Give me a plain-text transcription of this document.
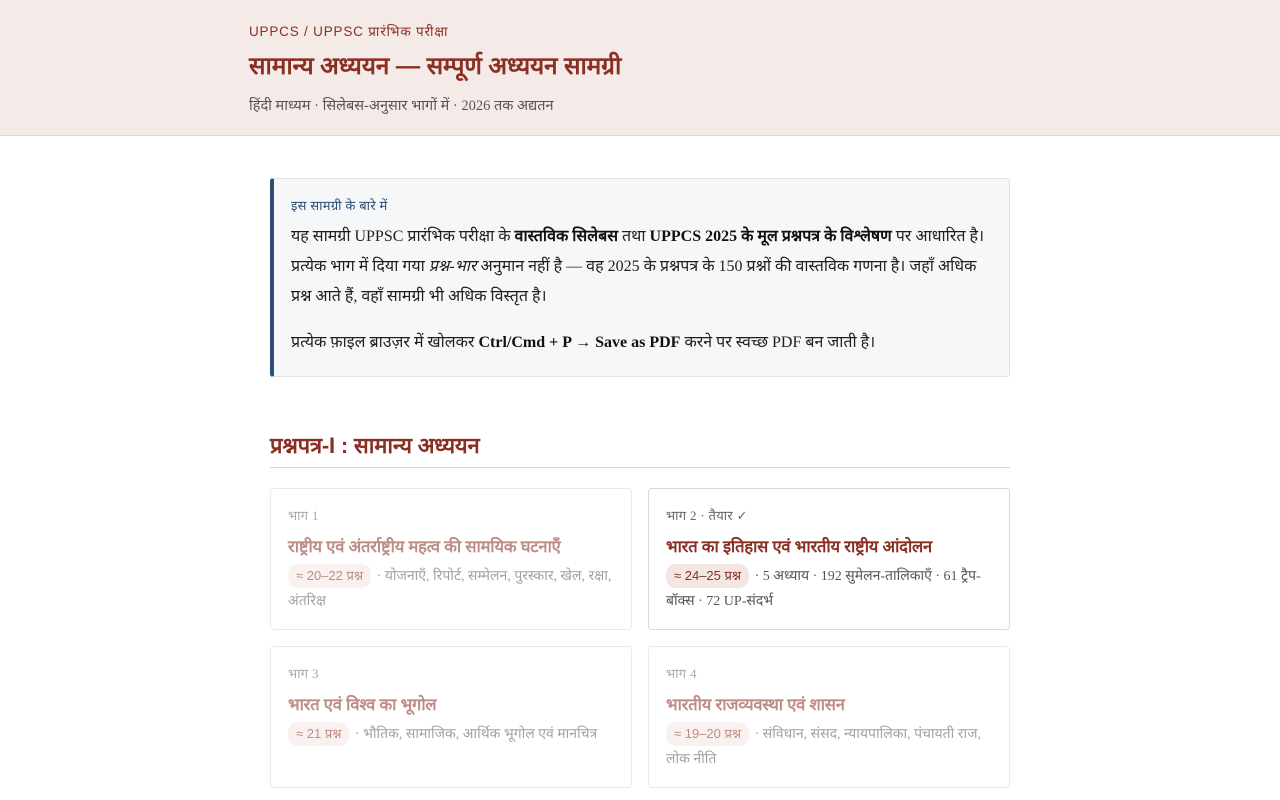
UPPCS / UPPSC प्रारंभिक परीक्षा
सामान्य अध्ययन — सम्पूर्ण अध्ययन सामग्री
हिंदी माध्यम · सिलेबस-अनुसार भागों में · 2026 तक अद्यतन
इस सामग्री के बारे में

यह सामग्री UPPSC प्रारंभिक परीक्षा के वास्तविक सिलेबस तथा UPPCS 2025 के मूल प्रश्नपत्र के विश्लेषण पर आधारित है। प्रत्येक भाग में दिया गया प्रश्न-भार अनुमान नहीं है — वह 2025 के प्रश्नपत्र के 150 प्रश्नों की वास्तविक गणना है। जहाँ अधिक प्रश्न आते हैं, वहाँ सामग्री भी अधिक विस्तृत है।

प्रत्येक फ़ाइल ब्राउज़र में खोलकर Ctrl/Cmd + P → Save as PDF करने पर स्वच्छ PDF बन जाती है।

प्रश्नपत्र-I : सामान्य अध्ययन
भाग 1
राष्ट्रीय एवं अंतर्राष्ट्रीय महत्व की सामयिक घटनाएँ
≈ 20–22 प्रश्न · योजनाएँ, रिपोर्ट, सम्मेलन, पुरस्कार, खेल, रक्षा, अंतरिक्ष
भाग 2 · तैयार ✓
भारत का इतिहास एवं भारतीय राष्ट्रीय आंदोलन
≈ 24–25 प्रश्न · 5 अध्याय · 192 सुमेलन-तालिकाएँ · 61 ट्रैप-बॉक्स · 72 UP-संदर्भ
भाग 3
भारत एवं विश्व का भूगोल
≈ 21 प्रश्न · भौतिक, सामाजिक, आर्थिक भूगोल एवं मानचित्र
भाग 4
भारतीय राजव्यवस्था एवं शासन
≈ 19–20 प्रश्न · संविधान, संसद, न्यायपालिका, पंचायती राज, लोक नीति
